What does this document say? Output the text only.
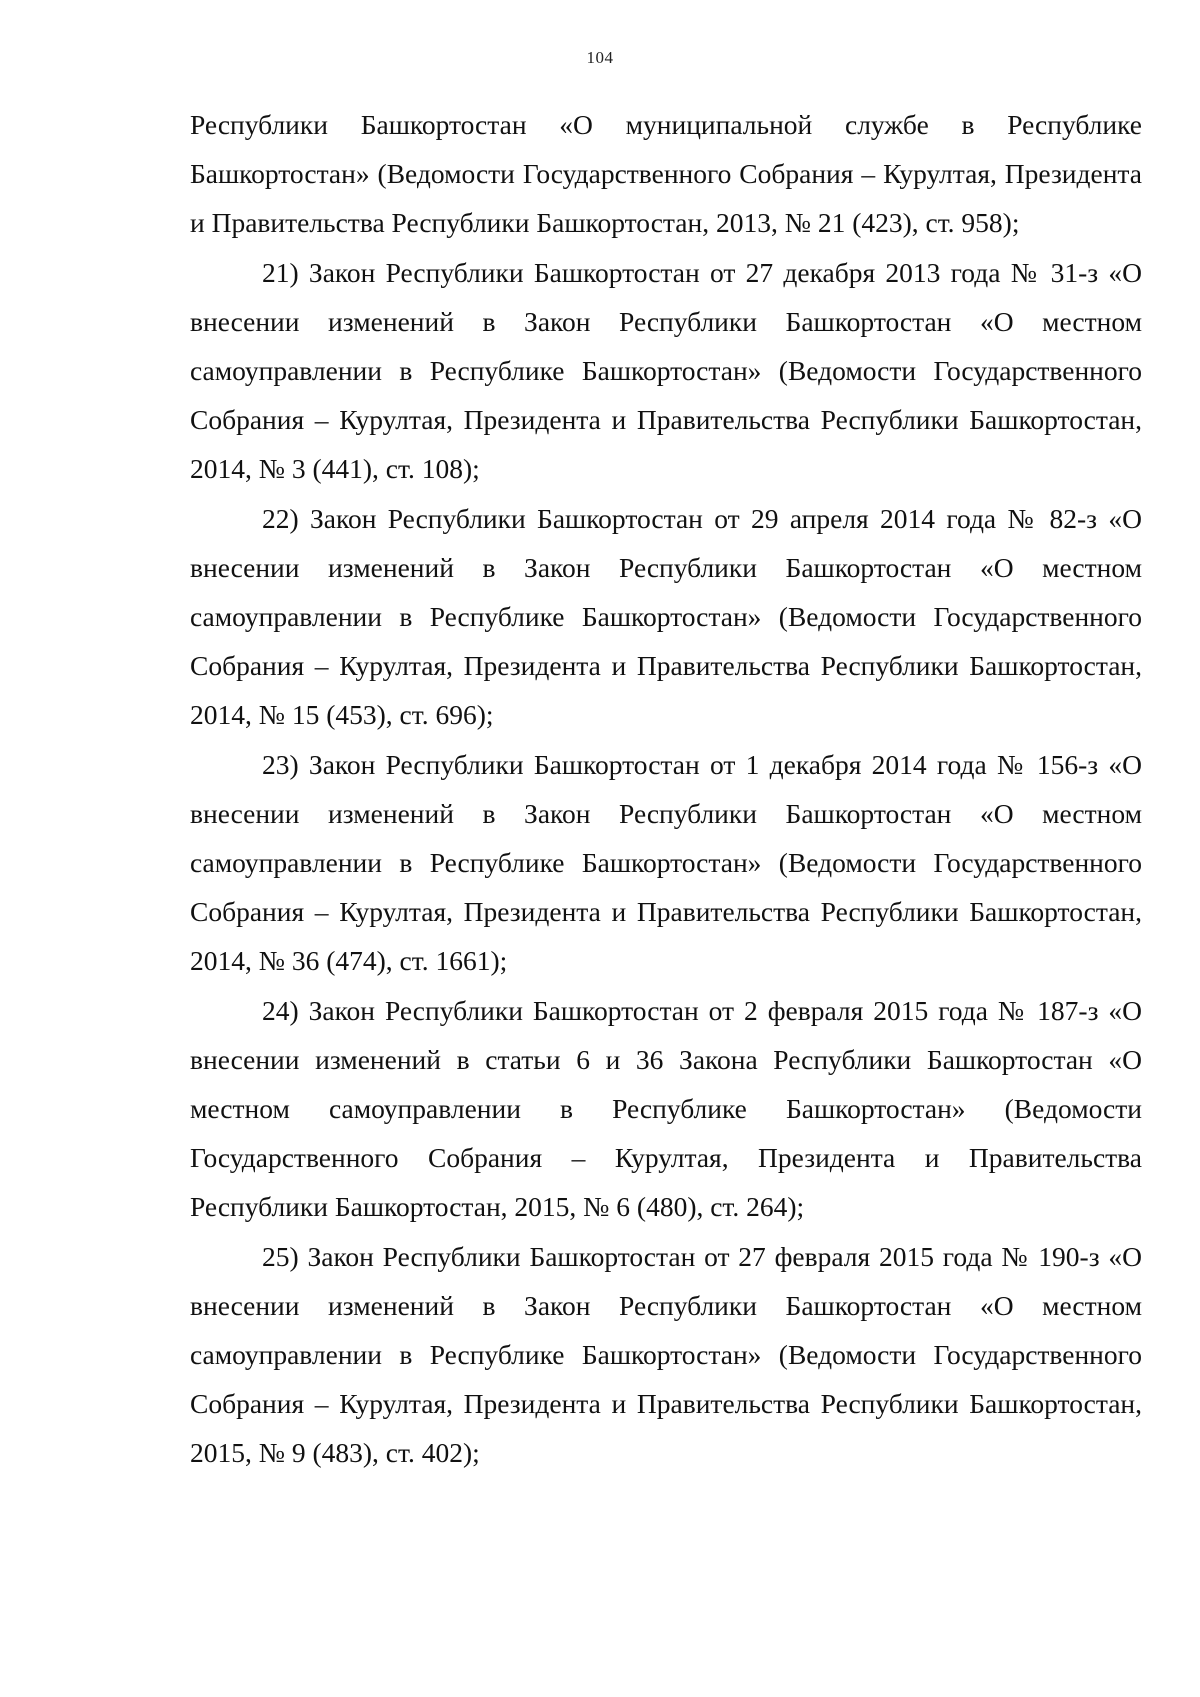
104

Республики Башкортостан «О муниципальной службе в Республике Башкортостан» (Ведомости Государственного Собрания – Курултая, Президента и Правительства Республики Башкортостан, 2013, № 21 (423), ст. 958);

21) Закон Республики Башкортостан от 27 декабря 2013 года № 31-з «О внесении изменений в Закон Республики Башкортостан «О местном самоуправлении в Республике Башкортостан» (Ведомости Государственного Собрания – Курултая, Президента и Правительства Республики Башкортостан, 2014, № 3 (441), ст. 108);

22) Закон Республики Башкортостан от 29 апреля 2014 года № 82-з «О внесении изменений в Закон Республики Башкортостан «О местном самоуправлении в Республике Башкортостан» (Ведомости Государственного Собрания – Курултая, Президента и Правительства Республики Башкортостан, 2014, № 15 (453), ст. 696);

23) Закон Республики Башкортостан от 1 декабря 2014 года № 156-з «О внесении изменений в Закон Республики Башкортостан «О местном самоуправлении в Республике Башкортостан» (Ведомости Государственного Собрания – Курултая, Президента и Правительства Республики Башкортостан, 2014, № 36 (474), ст. 1661);

24) Закон Республики Башкортостан от 2 февраля 2015 года № 187-з «О внесении изменений в статьи 6 и 36 Закона Республики Башкортостан «О местном самоуправлении в Республике Башкортостан» (Ведомости Государственного Собрания – Курултая, Президента и Правительства Республики Башкортостан, 2015, № 6 (480), ст. 264);

25) Закон Республики Башкортостан от 27 февраля 2015 года № 190-з «О внесении изменений в Закон Республики Башкортостан «О местном самоуправлении в Республике Башкортостан» (Ведомости Государственного Собрания – Курултая, Президента и Правительства Республики Башкортостан, 2015, № 9 (483), ст. 402);
